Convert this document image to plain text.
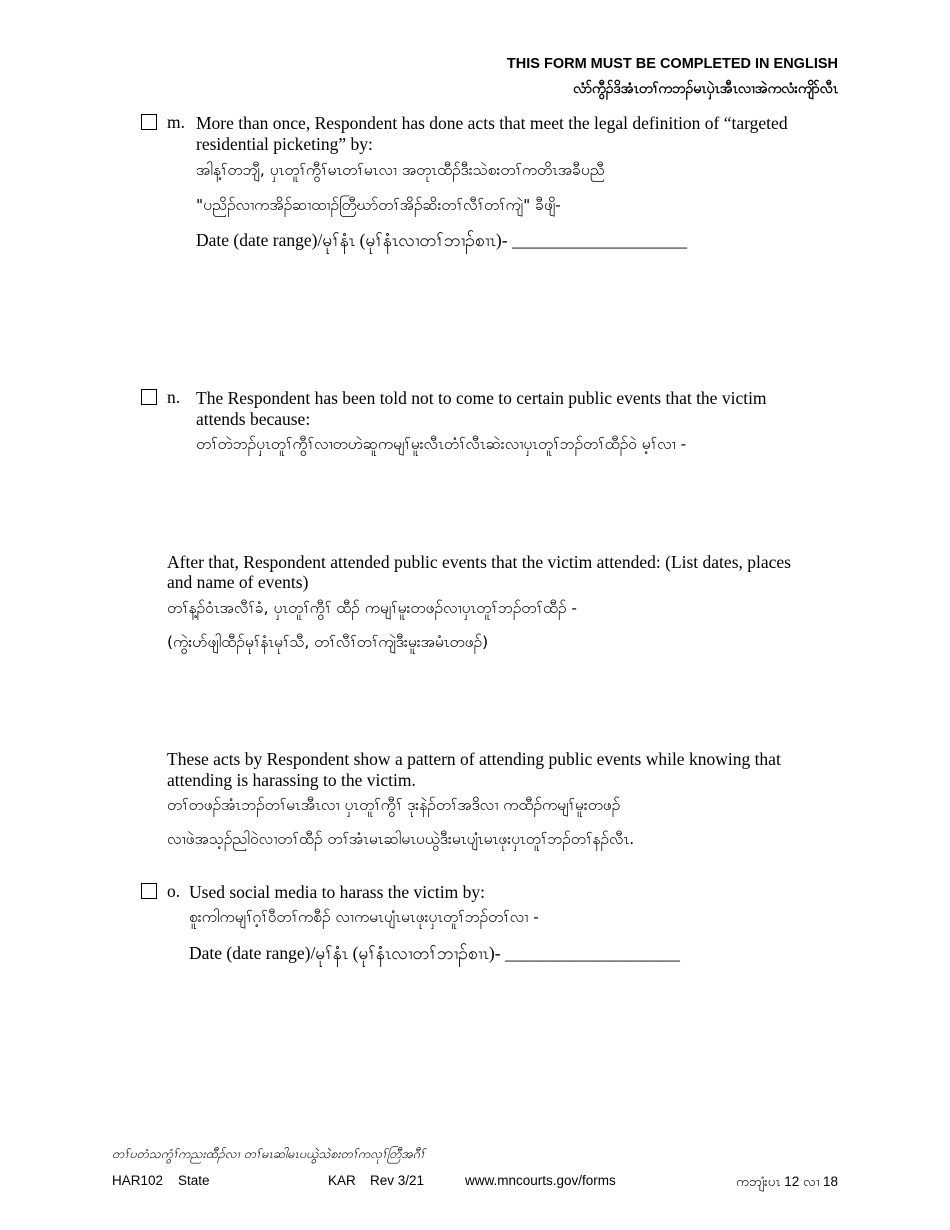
THIS FORM MUST BE COMPLETED IN ENGLISH
လံာ်ကွီၣ်ဒိအံၤတၢ်ကဘၣ်မၤပှဲၤအီၤလၢအဲကလံးကျိာ်လီၤ
m. More than once, Respondent has done acts that meet the legal definition of “targeted
residential picketing” by:
အါန့ၢ်တဘျီ, ပှၤတူၢ်ကွီၢ်မၤတၢ်မၤလၢ အတုၤထီၣ်ဒီးသဲစးတၢ်ကတိၤအခီပညီ
"ပညိၣ်လၢကအိၣ်ဆၢထၢၣ်တြီဃာ်တၢ်အိၣ်ဆိးတၢ်လီၢ်တၢ်ကျဲ" ခီဖျိ-
Date (date range)/မုၢ်နံၤ (မုၢ်နံၤလၢတၢ်ဘၢၣ်စၢၤ)- ____________________
n. The Respondent has been told not to come to certain public events that the victim
attends because:
တၢ်တဲဘၣ်ပှၤတူၢ်ကွီၢ်လၢတဟဲဆူကမျၢ်မူးလီၤတံၢ်လီၤဆဲးလၢပှၤတူၢ်ဘၣ်တၢ်ထီၣ်ဝဲ မ့ၢ်လၢ -
After that, Respondent attended public events that the victim attended: (List dates, places
and name of events)
တၢ်န့ၣ်ဝံၤအလီၢ်ခံ, ပှၤတူၢ်ကွီၢ် ထီၣ် ကမျၢ်မူးတဖၣ်လၢပှၤတူၢ်ဘၣ်တၢ်ထီၣ် -
(ကွဲးဟ်ဖျါထီၣ်မုၢ်နံၤမုၢ်သီ, တၢ်လီၢ်တၢ်ကျဲဒီးမူးအမံၤတဖၣ်)
These acts by Respondent show a pattern of attending public events while knowing that
attending is harassing to the victim.
တၢ်တဖၣ်အံၤဘၣ်တၢ်မၤအီၤလၢ ပှၤတူၢ်ကွီၢ် ဒုးနဲၣ်တၢ်အဒိလၢ ကထီၣ်ကမျၢ်မူးတဖၣ်
လၢဖဲအသ့ၣ်ညါဝဲလၢတၢ်ထီၣ် တၢ်အံၤမၤဆါမၤပယွဲဒီးမၤပျံၤမၤဖုးပှၤတူၢ်ဘၣ်တၢ်နၣ်လီၤ.
o. Used social media to harass the victim by:
စူးကါကမျၢ်ဂ့ၢ်ဝီတၢ်ကစီၣ် လၢကမၤပျံၤမၤဖုးပှၤတူၢ်ဘၣ်တၢ်လၢ -
Date (date range)/မုၢ်နံၤ (မုၢ်နံၤလၢတၢ်ဘၢၣ်စၢၤ)- ____________________
တၢ်ပတံသကွံၢ်ကညးထီၣ်လၢ တၢ်မၤဆါမၤပယွဲသဲစးတၢ်ကလုၢ်တြီအဂီၢ်
HAR102 State	KAR Rev 3/21	www.mncourts.gov/forms	ကဘျံးပၤ 12 လၢ 18
